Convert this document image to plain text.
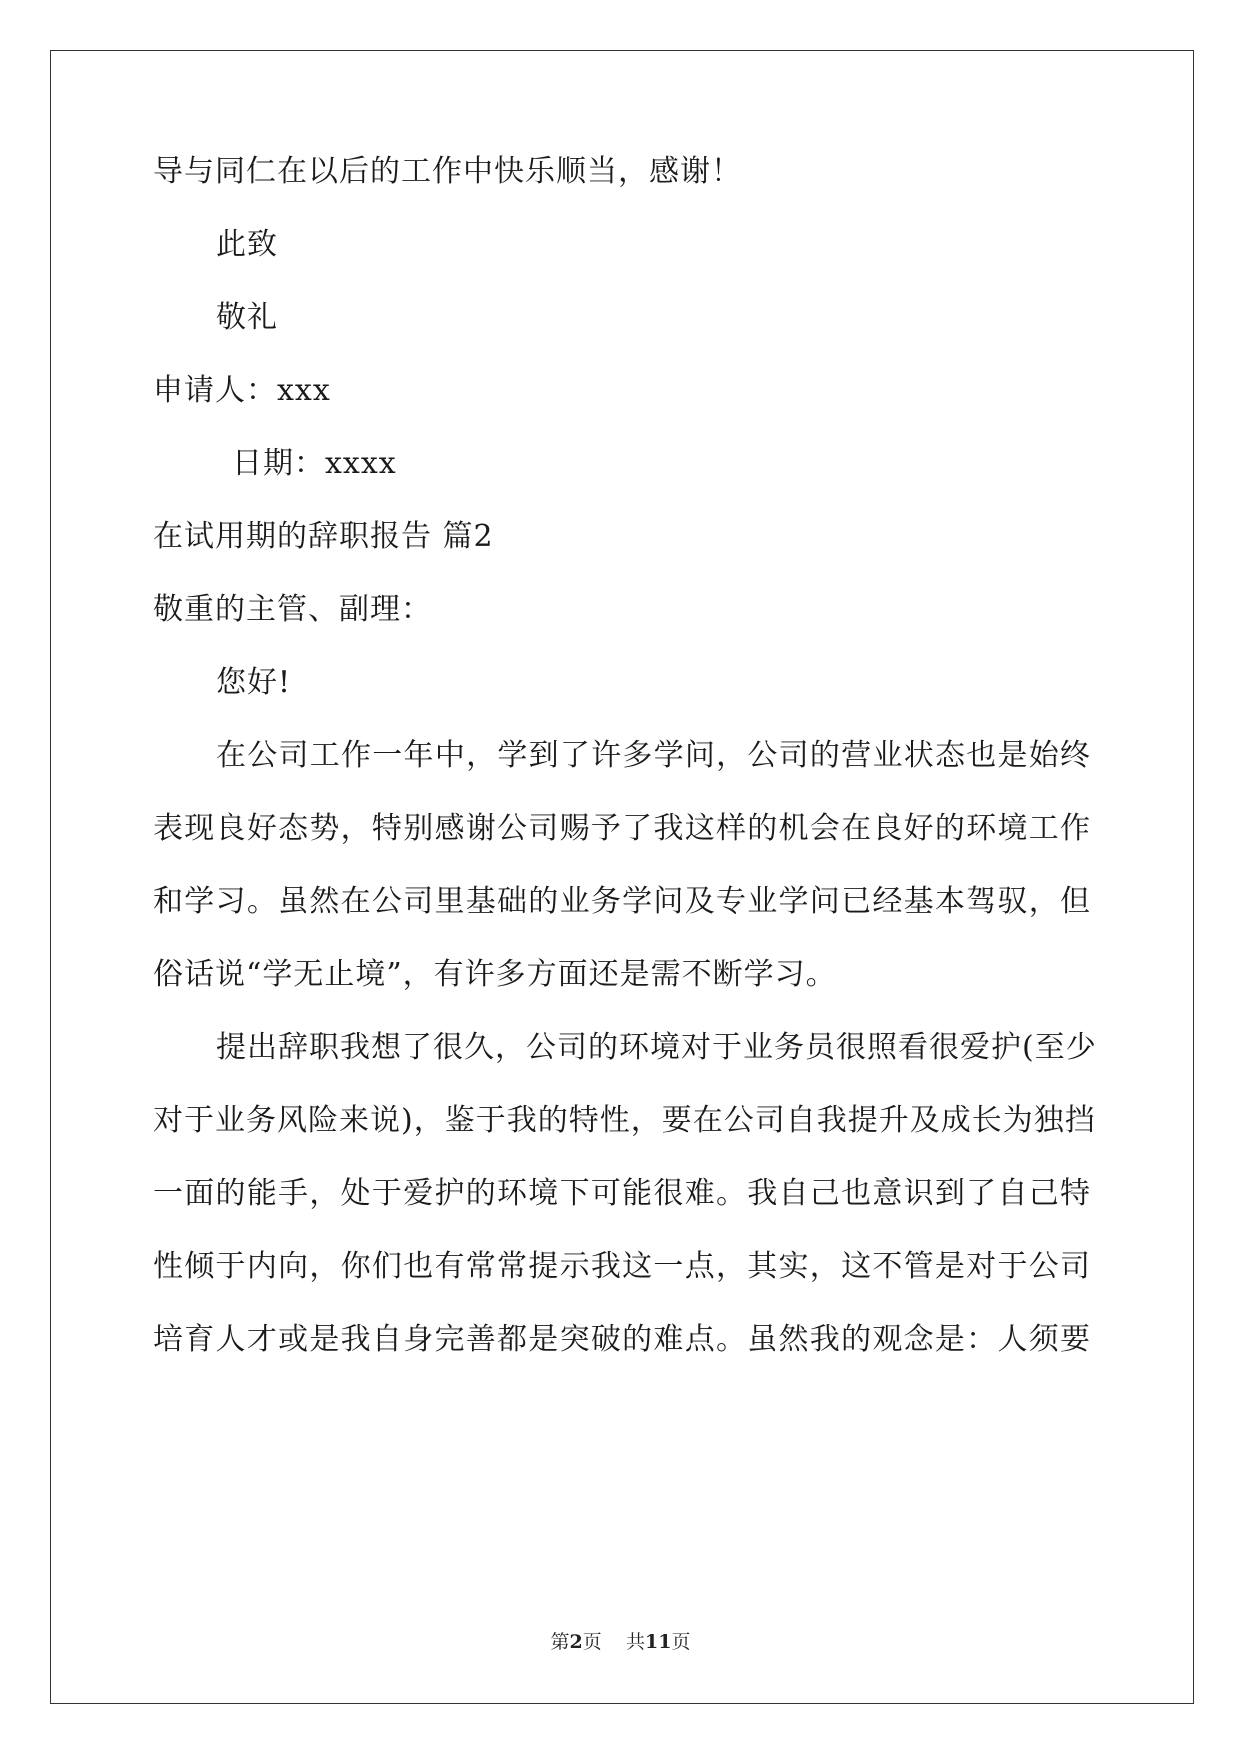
导与同仁在以后的工作中快乐顺当，感谢！
此致
敬礼
申请人：xxx
日期：xxxx
在试用期的辞职报告 篇2
敬重的主管、副理：
您好!
在公司工作一年中，学到了许多学问，公司的营业状态也是始终
表现良好态势，特别感谢公司赐予了我这样的机会在良好的环境工作
和学习。虽然在公司里基础的业务学问及专业学问已经基本驾驭，但
俗话说“学无止境”，有许多方面还是需不断学习。
提出辞职我想了很久，公司的环境对于业务员很照看很爱护(至少
对于业务风险来说)，鉴于我的特性，要在公司自我提升及成长为独挡
一面的能手，处于爱护的环境下可能很难。我自己也意识到了自己特
性倾于内向，你们也有常常提示我这一点，其实，这不管是对于公司
培育人才或是我自身完善都是突破的难点。虽然我的观念是：人须要
第2页 共11页
